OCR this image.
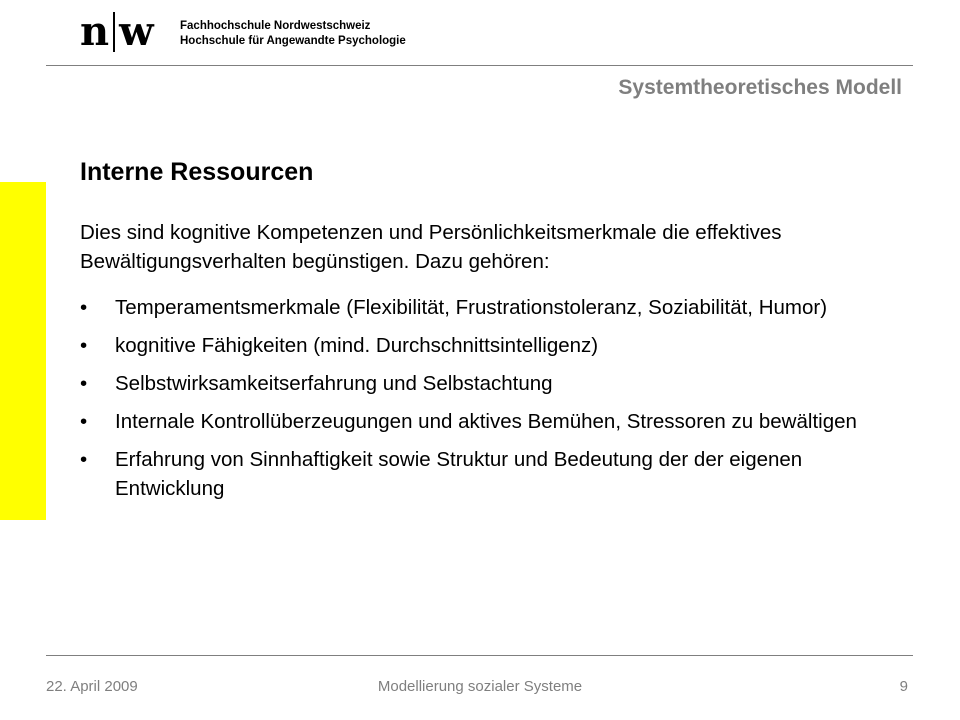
n w Fachhochschule Nordwestschweiz
Hochschule für Angewandte Psychologie
Systemtheoretisches Modell
Interne Ressourcen
Dies sind kognitive Kompetenzen und Persönlichkeitsmerkmale die effektives Bewältigungsverhalten begünstigen. Dazu gehören:
• Temperamentsmerkmale (Flexibilität, Frustrationstoleranz, Soziabilität, Humor)
• kognitive Fähigkeiten (mind. Durchschnittsintelligenz)
• Selbstwirksamkeitserfahrung und Selbstachtung
• Internale Kontrollüberzeugungen und aktives Bemühen, Stressoren zu bewältigen
• Erfahrung von Sinnhaftigkeit sowie Struktur und Bedeutung der der eigenen Entwicklung
22. April 2009	Modellierung sozialer Systeme	9
